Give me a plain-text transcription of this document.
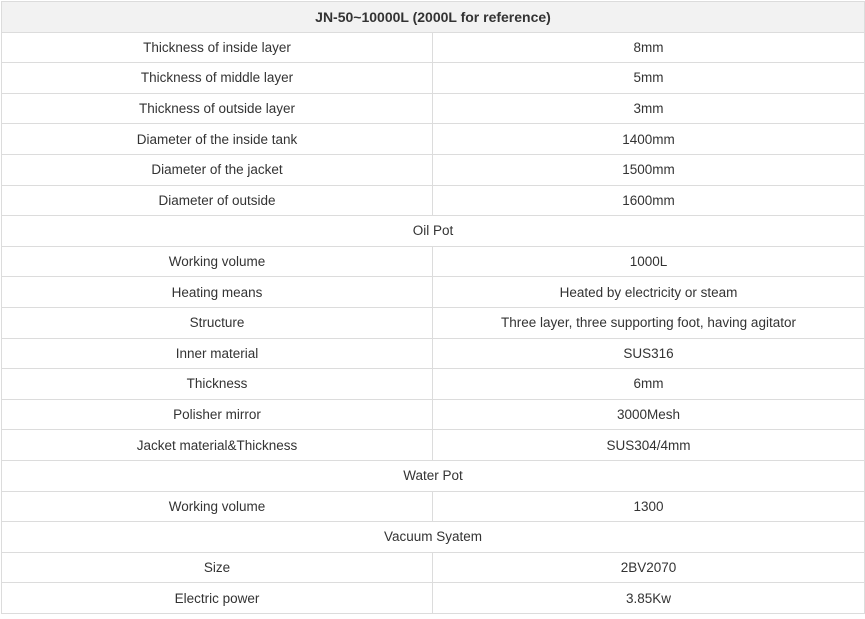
JN-50~10000L (2000L for reference)	
Thickness of inside layer	8mm
Thickness of middle layer	5mm
Thickness of outside layer	3mm
Diameter of the inside tank	1400mm
Diameter of the jacket	1500mm
Diameter of outside	1600mm
Oil Pot	
Working volume	1000L
Heating means	Heated by electricity or steam
Structure	Three layer, three supporting foot, having agitator
Inner material	SUS316
Thickness	6mm
Polisher mirror	3000Mesh
Jacket material&Thickness	SUS304/4mm
Water Pot	
Working volume	1300
Vacuum Syatem	
Size	2BV2070
Electric power	3.85Kw
